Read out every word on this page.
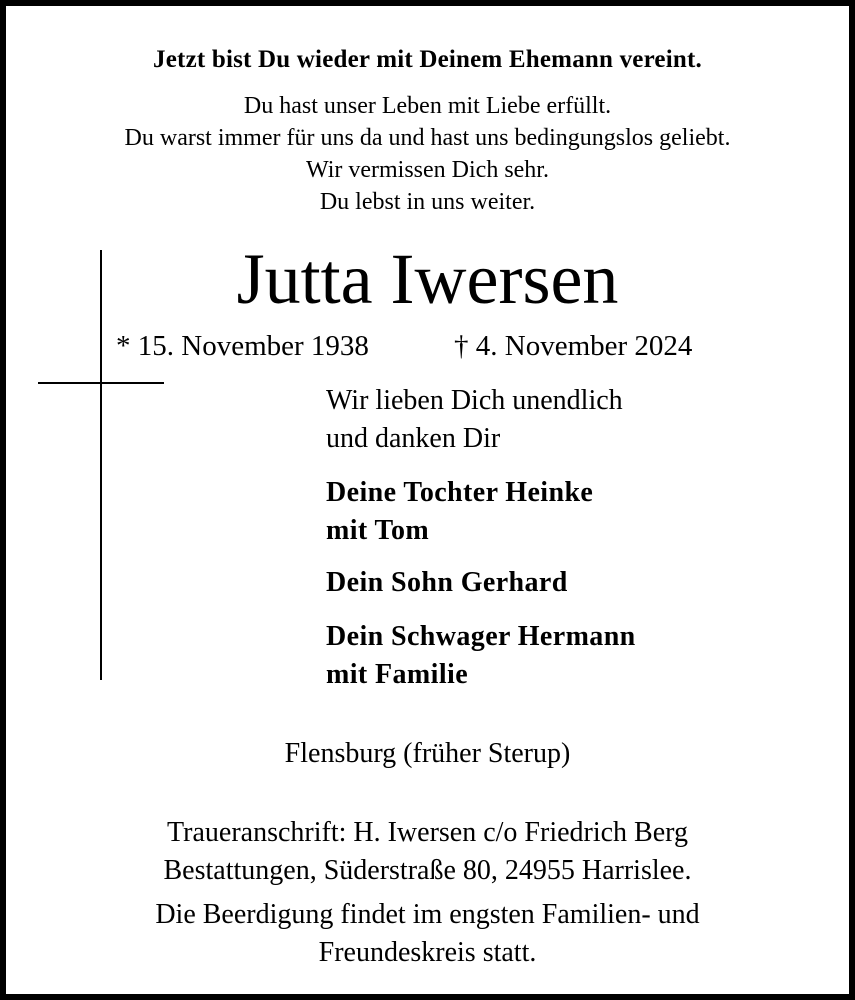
Jetzt bist Du wieder mit Deinem Ehemann vereint.
Du hast unser Leben mit Liebe erfüllt.
Du warst immer für uns da und hast uns bedingungslos geliebt.
Wir vermissen Dich sehr.
Du lebst in uns weiter.
Jutta Iwersen
* 15. November 1938	† 4. November 2024
Wir lieben Dich unendlich
und danken Dir
Deine Tochter Heinke
mit Tom
Dein Sohn Gerhard
Dein Schwager Hermann
mit Familie
Flensburg (früher Sterup)
Traueranschrift: H. Iwersen c/o Friedrich Berg
Bestattungen, Süderstraße 80, 24955 Harrislee.
Die Beerdigung findet im engsten Familien- und
Freundeskreis statt.
